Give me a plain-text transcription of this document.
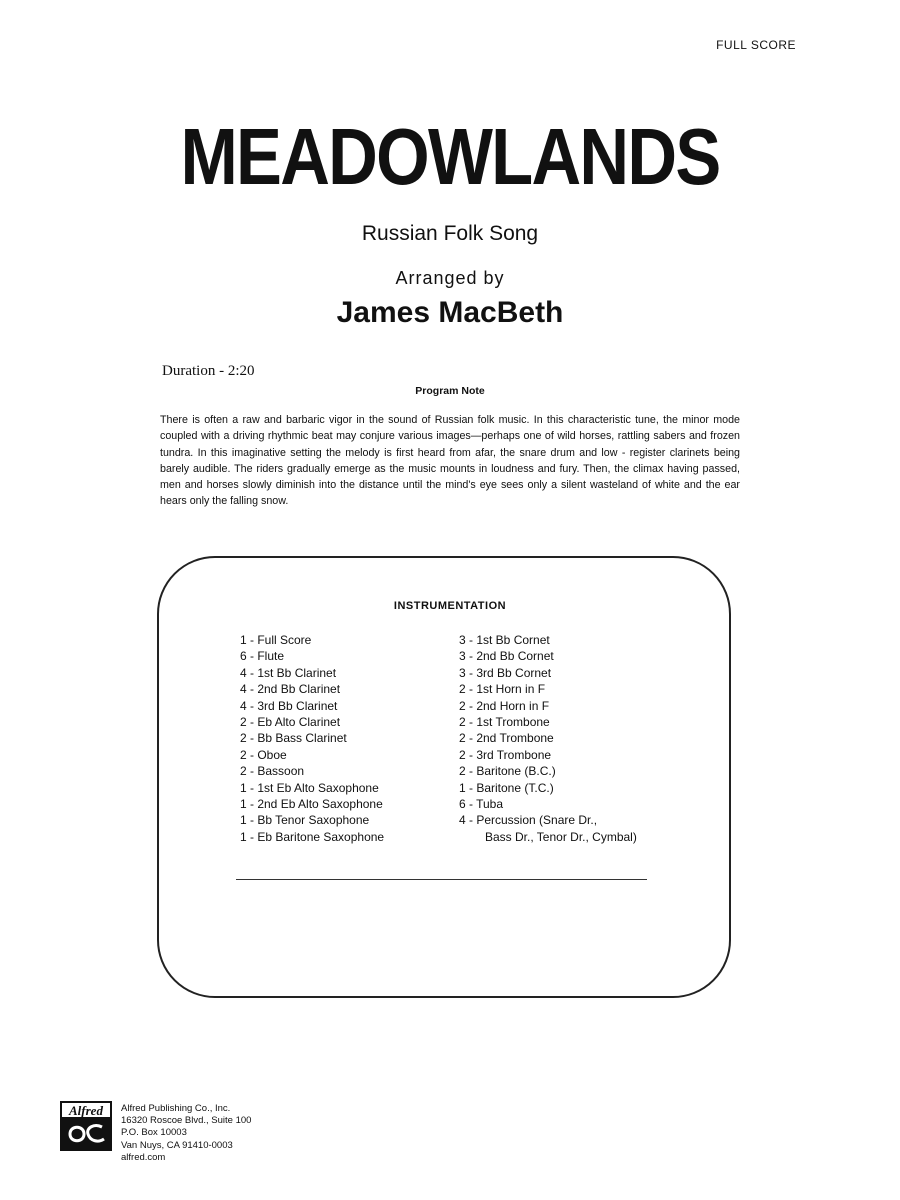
FULL SCORE
MEADOWLANDS
Russian Folk Song
Arranged by
James MacBeth
Duration - 2:20
Program Note
There is often a raw and barbaric vigor in the sound of Russian folk music. In this characteristic tune, the minor mode coupled with a driving rhythmic beat may conjure various images—perhaps one of wild horses, rattling sabers and frozen tundra. In this imaginative setting the melody is first heard from afar, the snare drum and low - register clarinets being barely audible. The riders gradually emerge as the music mounts in loudness and fury. Then, the climax having passed, men and horses slowly diminish into the distance until the mind's eye sees only a silent wasteland of white and the ear hears only the falling snow.
INSTRUMENTATION
1 - Full Score
6 - Flute
4 - 1st Bb Clarinet
4 - 2nd Bb Clarinet
4 - 3rd Bb Clarinet
2 - Eb Alto Clarinet
2 - Bb Bass Clarinet
2 - Oboe
2 - Bassoon
1 - 1st Eb Alto Saxophone
1 - 2nd Eb Alto Saxophone
1 - Bb Tenor Saxophone
1 - Eb Baritone Saxophone
3 - 1st Bb Cornet
3 - 2nd Bb Cornet
3 - 3rd Bb Cornet
2 - 1st Horn in F
2 - 2nd Horn in F
2 - 1st Trombone
2 - 2nd Trombone
2 - 3rd Trombone
2 - Baritone (B.C.)
1 - Baritone (T.C.)
6 - Tuba
4 - Percussion (Snare Dr.,
Bass Dr., Tenor Dr., Cymbal)
Alfred Alfred Publishing Co., Inc.
16320 Roscoe Blvd., Suite 100
P.O. Box 10003
Van Nuys, CA 91410-0003
alfred.com
